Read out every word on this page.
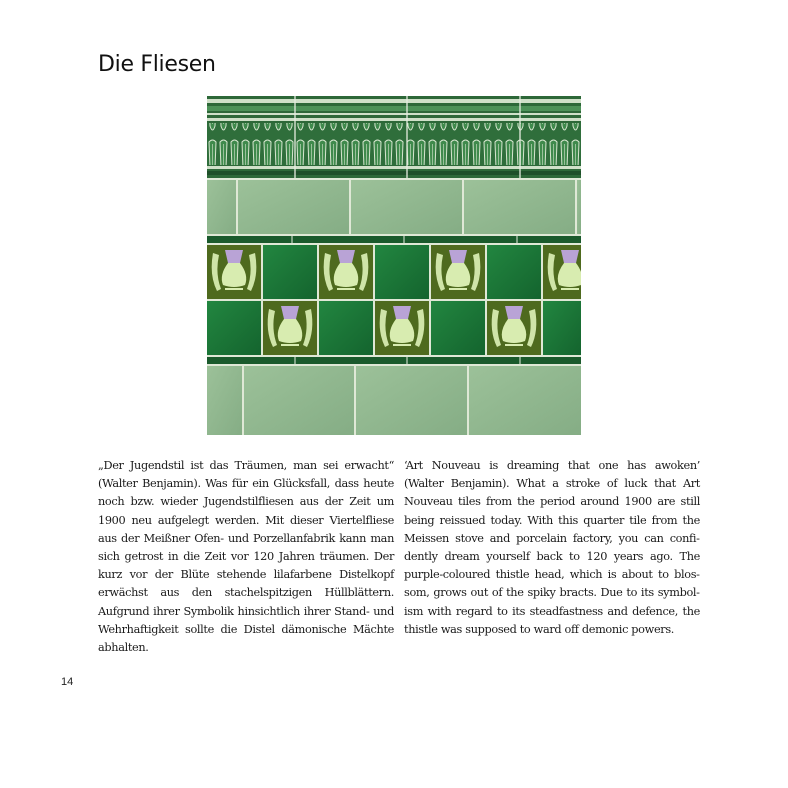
Die Fliesen

„Der Jugendstil ist das Träumen, man sei erwacht“ (Walter Benjamin). Was für ein Glücksfall, dass heute noch bzw. wieder Jugendstilfliesen aus der Zeit um 1900 neu aufgelegt werden. Mit dieser Viertelfliese aus der Meißner Ofen- und Porzellanfabrik kann man sich getrost in die Zeit vor 120 Jahren träumen. Der kurz vor der Blüte stehende lilafarbene Distelkopf erwächst aus den stachelspitzigen Hüllblättern. Aufgrund ihrer Symbolik hinsichtlich ihrer Stand- und Wehrhaftigkeit sollte die Distel dämonische Mächte abhalten.

‘Art Nouveau is dreaming that one has awoken’ (Walter Benjamin). What a stroke of luck that Art Nouveau tiles from the period around 1900 are still being reissued today. With this quarter tile from the Meissen stove and porcelain factory, you can confidently dream yourself back to 120 years ago. The purple-coloured thistle head, which is about to blossom, grows out of the spiky bracts. Due to its symbolism with regard to its steadfastness and defence, the thistle was supposed to ward off demonic powers.

14
